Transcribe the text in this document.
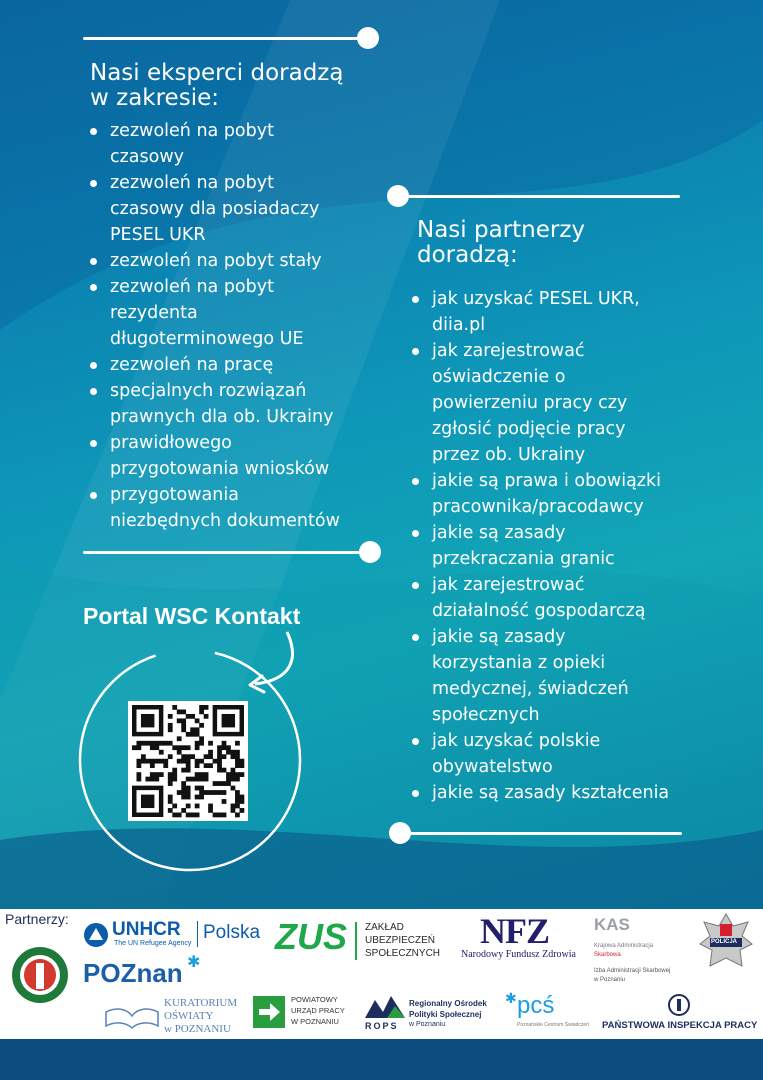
Nasi eksperci doradzą
w zakresie:
zezwoleń na pobyt
czasowy
zezwoleń na pobyt
czasowy dla posiadaczy
PESEL UKR
zezwoleń na pobyt stały
zezwoleń na pobyt
rezydenta
długoterminowego UE
zezwoleń na pracę
specjalnych rozwiązań
prawnych dla ob. Ukrainy
prawidłowego
przygotowania wniosków
przygotowania
niezbędnych dokumentów
Nasi partnerzy
doradzą:
jak uzyskać PESEL UKR,
diia.pl
jak zarejestrować
oświadczenie o
powierzeniu pracy czy
zgłosić podjęcie pracy
przez ob. Ukrainy
jakie są prawa i obowiązki
pracownika/pracodawcy
jakie są zasady
przekraczania granic
jak zarejestrować
działalność gospodarczą
jakie są zasady
korzystania z opieki
medycznej, świadczeń
społecznych
jak uzyskać polskie
obywatelstwo
jakie są zasady kształcenia
Portal WSC Kontakt
Partnerzy: UNHCR
The UN Refugee Agency
Polska ZUS ZAKŁAD
UBEZPIECZEŃ
SPOŁECZNYCH
NFZ
Narodowy Fundusz Zdrowia
KAS
Krajowa Administracja
Skarbowa
Izba Administracji Skarbowej
w Poznaniu
POLICJA
POZnan ✱
KURATORIUM
OŚWIATY
w POZNANIU
POWIATOWY
URZĄD PRACY
W POZNANIU	ROPS
Regionalny Ośrodek
Polityki Społecznej
w Poznaniu
✱ pcś
Poznańskie Centrum Świadczeń PAŃSTWOWA INSPEKCJA PRACY
